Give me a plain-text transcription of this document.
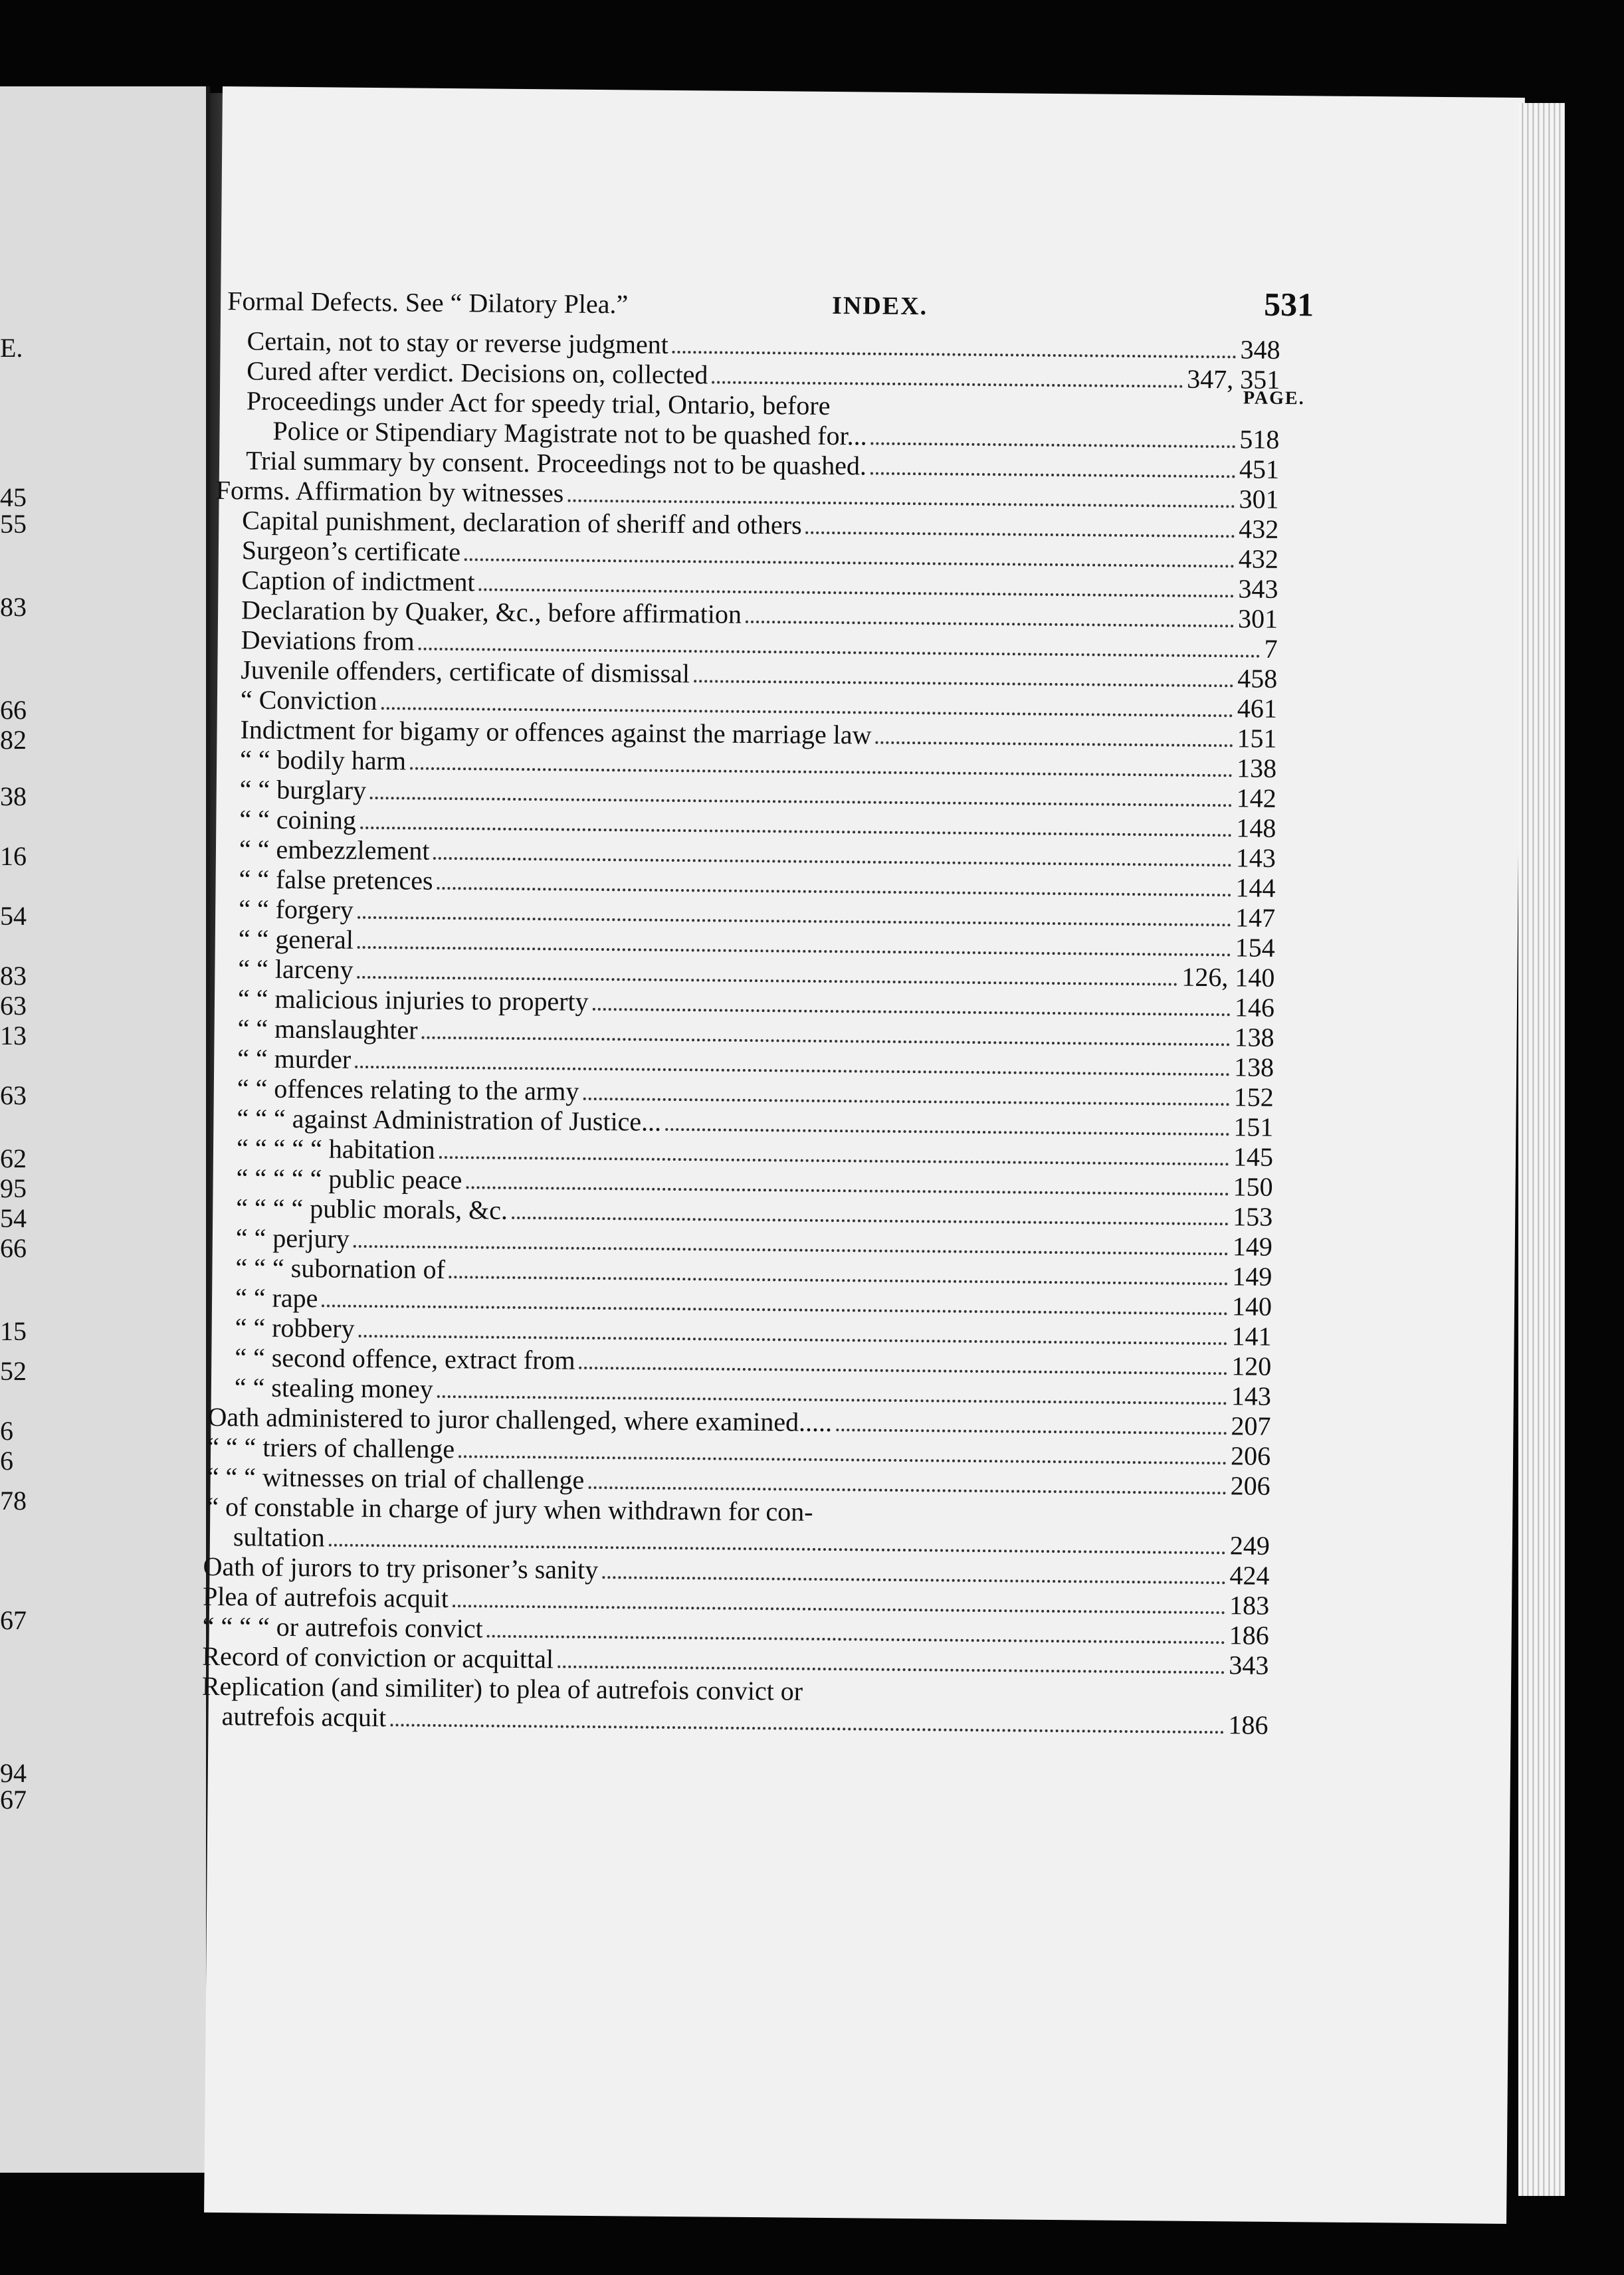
E.
45
55
83
66
82
38
16
54
83
63
13
63
62
95
54
66
15
52
6
6
78
67
94
67
INDEX.	531
PAGE.
Formal Defects. See “ Dilatory Plea.”
Certain, not to stay or reverse judgment	348
Cured after verdict. Decisions on, collected	347, 351
Proceedings under Act for speedy trial, Ontario, before
Police or Stipendiary Magistrate not to be quashed for...	518
Trial summary by consent. Proceedings not to be quashed.	451
Forms. Affirmation by witnesses	301
Capital punishment, declaration of sheriff and others	432
Surgeon’s certificate	432
Caption of indictment	343
Declaration by Quaker, &c., before affirmation	301
Deviations from	7
Juvenile offenders, certificate of dismissal	458
“ Conviction	461
Indictment for bigamy or offences against the marriage law	151
“ “ bodily harm	138
“ “ burglary	142
“ “ coining	148
“ “ embezzlement	143
“ “ false pretences	144
“ “ forgery	147
“ “ general	154
“ “ larceny	126, 140
“ “ malicious injuries to property	146
“ “ manslaughter	138
“ “ murder	138
“ “ offences relating to the army	152
“ “ “ against Administration of Justice...	151
“ “ “ “ “ habitation	145
“ “ “ “ “ public peace	150
“ “ “ “ public morals, &c.	153
“ “ perjury	149
“ “ “ subornation of	149
“ “ rape	140
“ “ robbery	141
“ “ second offence, extract from	120
“ “ stealing money	143
Oath administered to juror challenged, where examined.....	207
“ “ “ triers of challenge	206
“ “ “ witnesses on trial of challenge	206
“ of constable in charge of jury when withdrawn for con-
sultation	249
Oath of jurors to try prisoner’s sanity	424
Plea of autrefois acquit	183
“ “ “ “ or autrefois convict	186
Record of conviction or acquittal	343
Replication (and similiter) to plea of autrefois convict or
autrefois acquit	186
